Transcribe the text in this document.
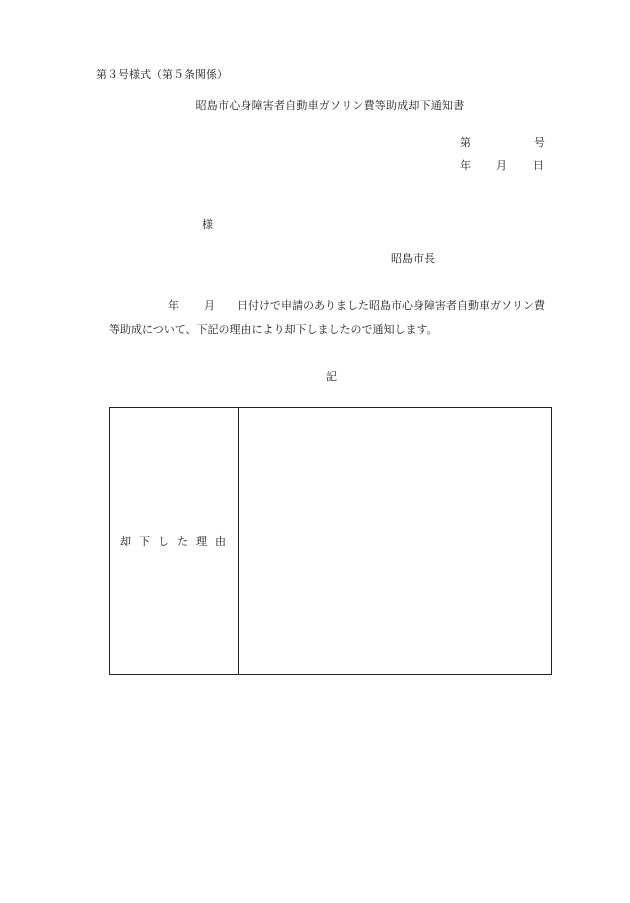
第３号様式（第５条関係）
昭島市心身障害者自動車ガソリン費等助成却下通知書
第	号
年 月 日
様
昭島市長
年 月 日付けで申請のありました昭島市心身障害者自動車ガソリン費
等助成について、下記の理由により却下しましたので通知します。
記
却下した理由
